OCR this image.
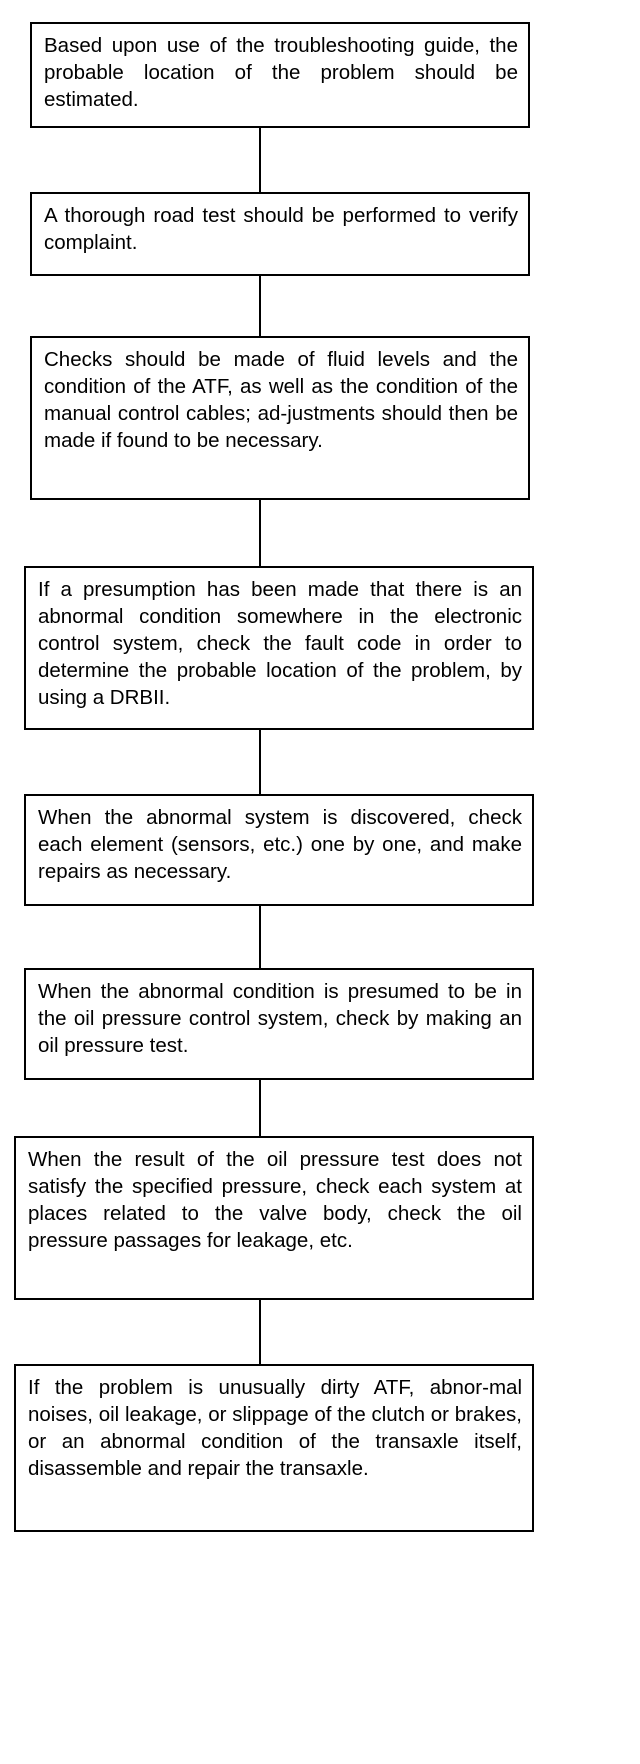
Based upon use of the troubleshooting guide, the probable location of the problem should be estimated.
A thorough road test should be performed to verify complaint.
Checks should be made of fluid levels and the condition of the ATF, as well as the condition of the manual control cables; ad-justments should then be made if found to be necessary.
If a presumption has been made that there is an abnormal condition somewhere in the electronic control system, check the fault code in order to determine the probable location of the problem, by using a DRBII.
When the abnormal system is discovered, check each element (sensors, etc.) one by one, and make repairs as necessary.
When the abnormal condition is presumed to be in the oil pressure control system, check by making an oil pressure test.
When the result of the oil pressure test does not satisfy the specified pressure, check each system at places related to the valve body, check the oil pressure passages for leakage, etc.
If the problem is unusually dirty ATF, abnor-mal noises, oil leakage, or slippage of the clutch or brakes, or an abnormal condition of the transaxle itself, disassemble and repair the transaxle.
